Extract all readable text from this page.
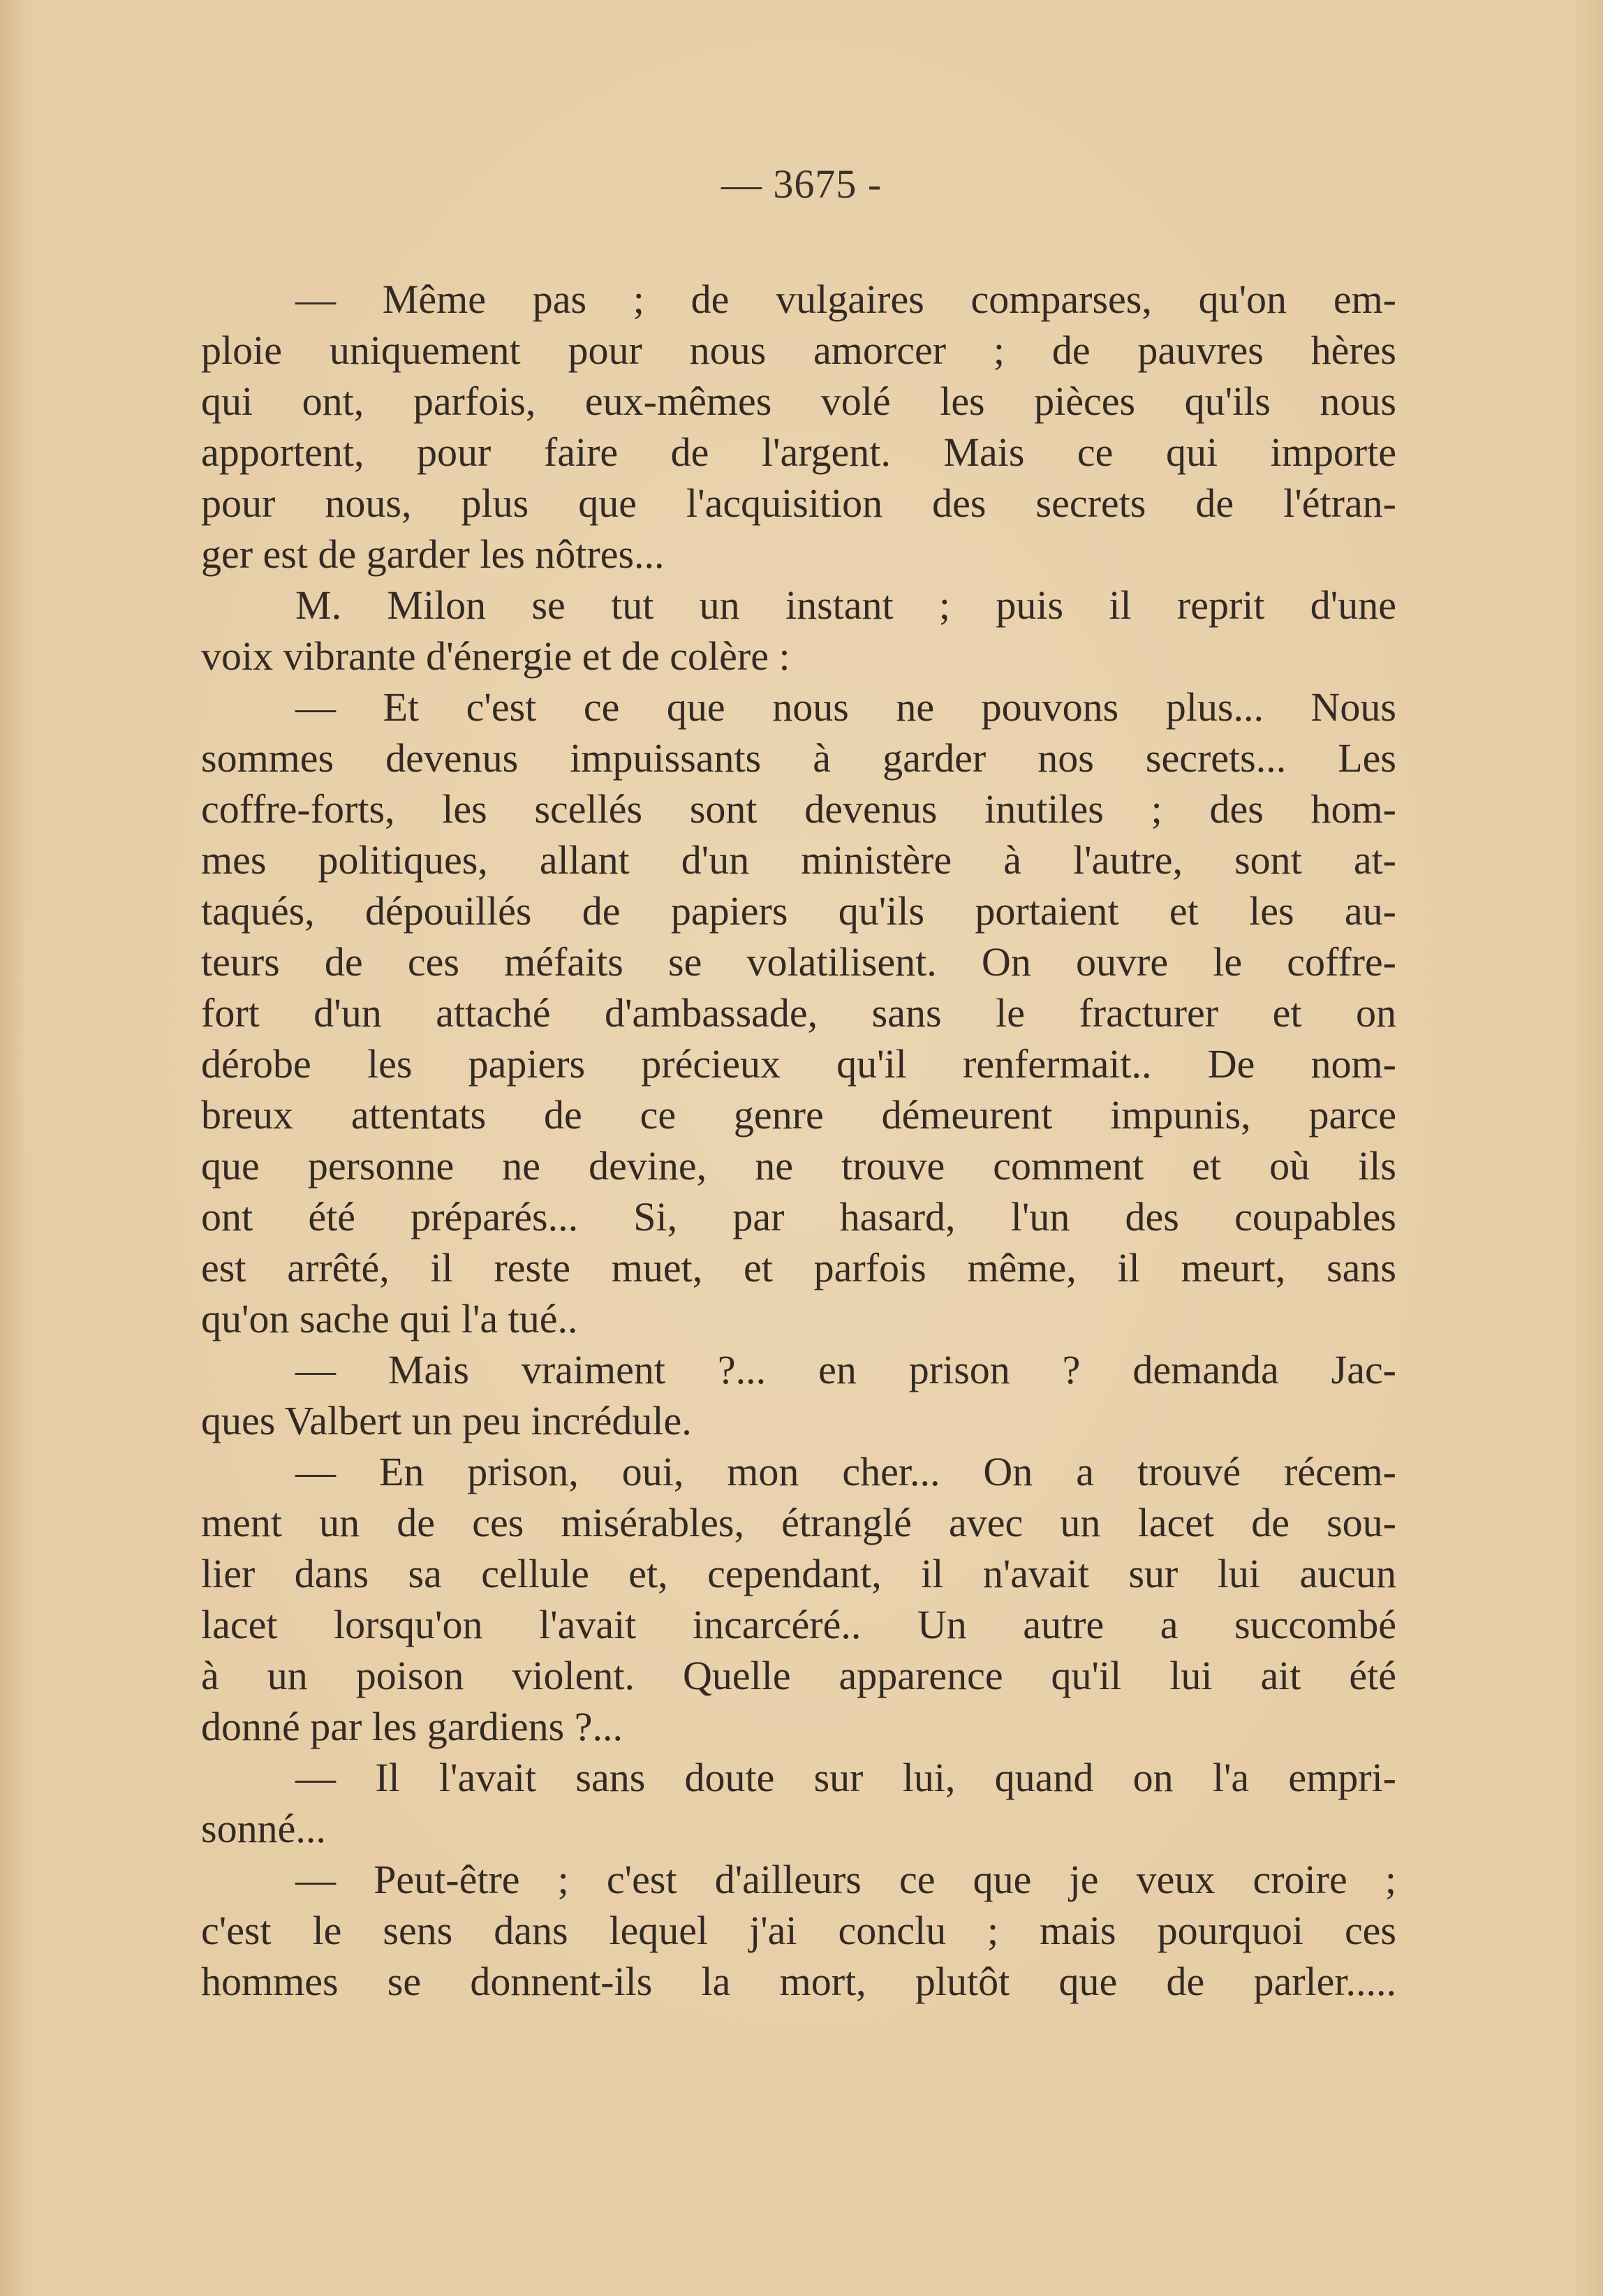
— 3675 -
— Même pas ; de vulgaires comparses, qu'on em-
ploie uniquement pour nous amorcer ; de pauvres hères
qui ont, parfois, eux-mêmes volé les pièces qu'ils nous
apportent, pour faire de l'argent. Mais ce qui importe
pour nous, plus que l'acquisition des secrets de l'étran-
ger est de garder les nôtres...
M. Milon se tut un instant ; puis il reprit d'une
voix vibrante d'énergie et de colère :
— Et c'est ce que nous ne pouvons plus... Nous
sommes devenus impuissants à garder nos secrets... Les
coffre-forts, les scellés sont devenus inutiles ; des hom-
mes politiques, allant d'un ministère à l'autre, sont at-
taqués, dépouillés de papiers qu'ils portaient et les au-
teurs de ces méfaits se volatilisent. On ouvre le coffre-
fort d'un attaché d'ambassade, sans le fracturer et on
dérobe les papiers précieux qu'il renfermait.. De nom-
breux attentats de ce genre démeurent impunis, parce
que personne ne devine, ne trouve comment et où ils
ont été préparés... Si, par hasard, l'un des coupables
est arrêté, il reste muet, et parfois même, il meurt, sans
qu'on sache qui l'a tué..
— Mais vraiment ?... en prison ? demanda Jac-
ques Valbert un peu incrédule.
— En prison, oui, mon cher... On a trouvé récem-
ment un de ces misérables, étranglé avec un lacet de sou-
lier dans sa cellule et, cependant, il n'avait sur lui aucun
lacet lorsqu'on l'avait incarcéré.. Un autre a succombé
à un poison violent. Quelle apparence qu'il lui ait été
donné par les gardiens ?...
— Il l'avait sans doute sur lui, quand on l'a empri-
sonné...
— Peut-être ; c'est d'ailleurs ce que je veux croire ;
c'est le sens dans lequel j'ai conclu ; mais pourquoi ces
hommes se donnent-ils la mort, plutôt que de parler.....
